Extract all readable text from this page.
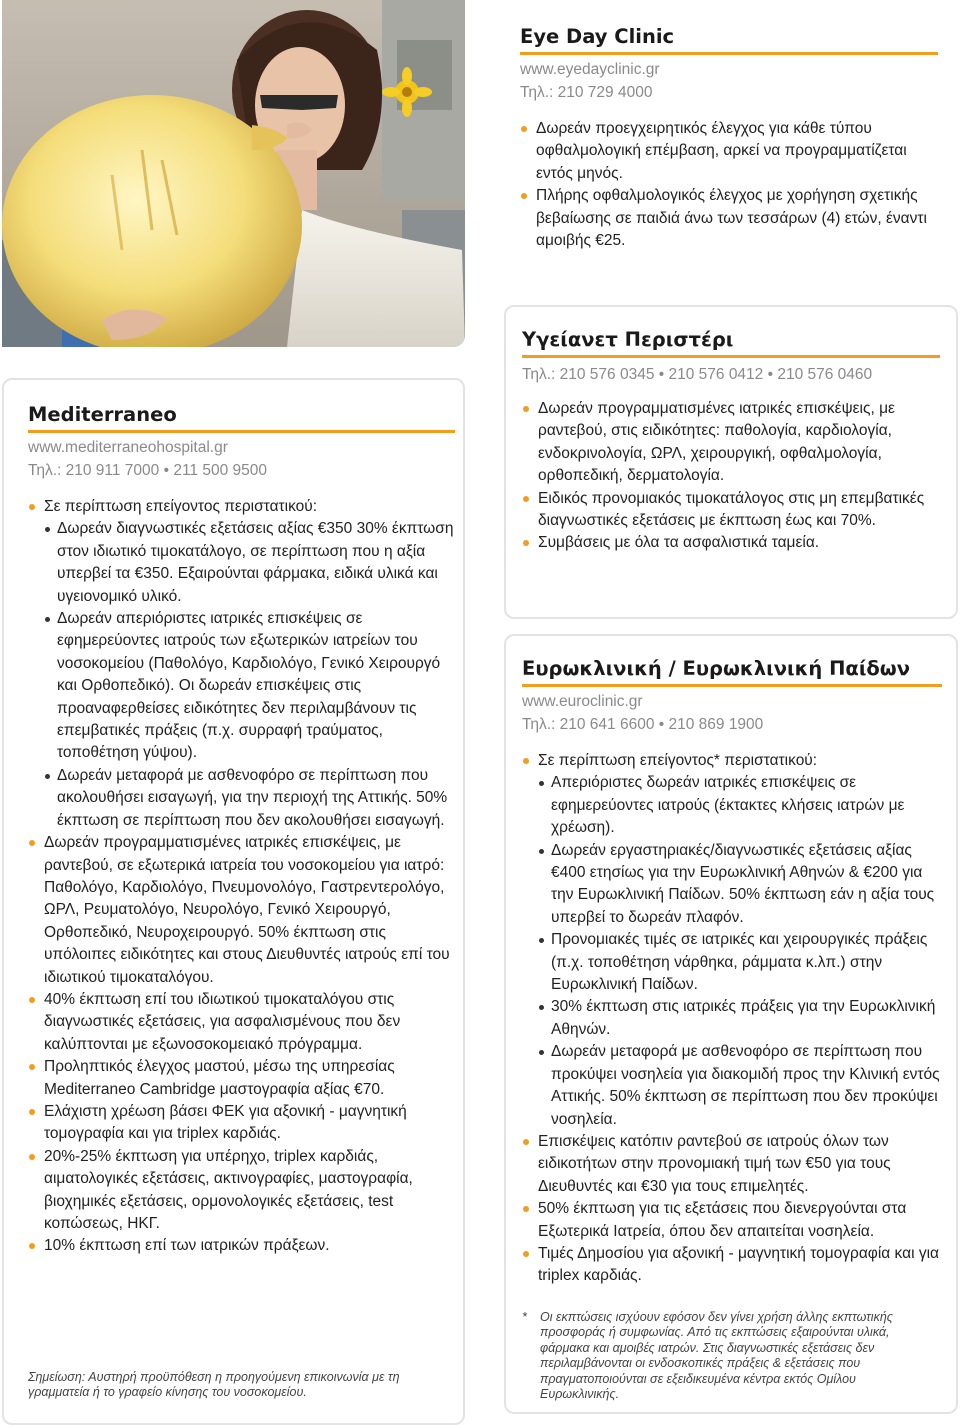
Eye Day Clinic
www.eyedayclinic.gr
Τηλ.: 210 729 4000
Δωρεάν προεγχειρητικός έλεγχος για κάθε τύπου οφθαλμολογική επέμβαση, αρκεί να προγραμματίζεται εντός μηνός.
Πλήρης οφθαλμολογικός έλεγχος με χορήγηση σχετικής βεβαίωσης σε παιδιά άνω των τεσσάρων (4) ετών, έναντι αμοιβής €25.
Υγείανετ Περιστέρι
Τηλ.: 210 576 0345 • 210 576 0412 • 210 576 0460
Δωρεάν προγραμματισμένες ιατρικές επισκέψεις, με ραντεβού, στις ειδικότητες: παθολογία, καρδιολογία, ενδοκρινολογία, ΩΡΛ, χειρουργική, οφθαλμολογία, ορθοπεδική, δερματολογία.
Ειδικός προνομιακός τιμοκατάλογος στις μη επεμβατικές διαγνωστικές εξετάσεις με έκπτωση έως και 70%.
Συμβάσεις με όλα τα ασφαλιστικά ταμεία.
Mediterraneo
www.mediterraneohospital.gr
Τηλ.: 210 911 7000 • 211 500 9500
Σε περίπτωση επείγοντος περιστατικού:
Δωρεάν διαγνωστικές εξετάσεις αξίας €350 30% έκπτωση στον ιδιωτικό τιμοκατάλογο, σε περίπτωση που η αξία υπερβεί τα €350. Εξαιρούνται φάρμακα, ειδικά υλικά και υγειονομικό υλικό.
Δωρεάν απεριόριστες ιατρικές επισκέψεις σε εφημερεύοντες ιατρούς των εξωτερικών ιατρείων του νοσοκομείου (Παθολόγο, Καρδιολόγο, Γενικό Χειρουργό και Ορθοπεδικό). Οι δωρεάν επισκέψεις στις προαναφερθείσες ειδικότητες δεν περιλαμβάνουν τις επεμβατικές πράξεις (π.χ. συρραφή τραύματος, τοποθέτηση γύψου).
Δωρεάν μεταφορά με ασθενοφόρο σε περίπτωση που ακολουθήσει εισαγωγή, για την περιοχή της Αττικής. 50% έκπτωση σε περίπτωση που δεν ακολουθήσει εισαγωγή.
Δωρεάν προγραμματισμένες ιατρικές επισκέψεις, με ραντεβού, σε εξωτερικά ιατρεία του νοσοκομείου για ιατρό: Παθολόγο, Καρδιολόγο, Πνευμονολόγο, Γαστρεντερολόγο, ΩΡΛ, Ρευματολόγο, Νευρολόγο, Γενικό Χειρουργό, Ορθοπεδικό, Νευροχειρουργό. 50% έκπτωση στις υπόλοιπες ειδικότητες και στους Διευθυντές ιατρούς επί του ιδιωτικού τιμοκαταλόγου.
40% έκπτωση επί του ιδιωτικού τιμοκαταλόγου στις διαγνωστικές εξετάσεις, για ασφαλισμένους που δεν καλύπτονται με εξωνοσοκομειακό πρόγραμμα.
Προληπτικός έλεγχος μαστού, μέσω της υπηρεσίας Mediterraneo Cambridge μαστογραφία αξίας €70.
Ελάχιστη χρέωση βάσει ΦΕΚ για αξονική - μαγνητική τομογραφία και για triplex καρδιάς.
20%-25% έκπτωση για υπέρηχο, triplex καρδιάς, αιματολογικές εξετάσεις, ακτινογραφίες, μαστογραφία, βιοχημικές εξετάσεις, ορμονολογικές εξετάσεις, test κοπώσεως, ΗΚΓ.
10% έκπτωση επί των ιατρικών πράξεων.
Σημείωση: Αυστηρή προϋπόθεση η προηγούμενη επικοινωνία με τη γραμματεία ή το γραφείο κίνησης του νοσοκομείου.
Ευρωκλινική / Ευρωκλινική Παίδων
www.euroclinic.gr
Τηλ.: 210 641 6600 • 210 869 1900
Σε περίπτωση επείγοντος* περιστατικού:
Απεριόριστες δωρεάν ιατρικές επισκέψεις σε εφημερεύοντες ιατρούς (έκτακτες κλήσεις ιατρών με χρέωση).
Δωρεάν εργαστηριακές/διαγνωστικές εξετάσεις αξίας €400 ετησίως για την Ευρωκλινική Αθηνών & €200 για την Ευρωκλινική Παίδων. 50% έκπτωση εάν η αξία τους υπερβεί το δωρεάν πλαφόν.
Προνομιακές τιμές σε ιατρικές και χειρουργικές πράξεις (π.χ. τοποθέτηση νάρθηκα, ράμματα κ.λπ.) στην Ευρωκλινική Παίδων.
30% έκπτωση στις ιατρικές πράξεις για την Ευρωκλινική Αθηνών.
Δωρεάν μεταφορά με ασθενοφόρο σε περίπτωση που προκύψει νοσηλεία για διακομιδή προς την Κλινική εντός Αττικής. 50% έκπτωση σε περίπτωση που δεν προκύψει νοσηλεία.
Επισκέψεις κατόπιν ραντεβού σε ιατρούς όλων των ειδικοτήτων στην προνομιακή τιμή των €50 για τους Διευθυντές και €30 για τους επιμελητές.
50% έκπτωση για τις εξετάσεις που διενεργούνται στα Εξωτερικά Ιατρεία, όπου δεν απαιτείται νοσηλεία.
Τιμές Δημοσίου για αξονική - μαγνητική τομογραφία και για triplex καρδιάς.
* Οι εκπτώσεις ισχύουν εφόσον δεν γίνει χρήση άλλης εκπτωτικής προσφοράς ή συμφωνίας. Από τις εκπτώσεις εξαιρούνται υλικά, φάρμακα και αμοιβές ιατρών. Στις διαγνωστικές εξετάσεις δεν περιλαμβάνονται οι ενδοσκοπικές πράξεις & εξετάσεις που πραγματοποιούνται σε εξειδικευμένα κέντρα εκτός Ομίλου Ευρωκλινικής.
